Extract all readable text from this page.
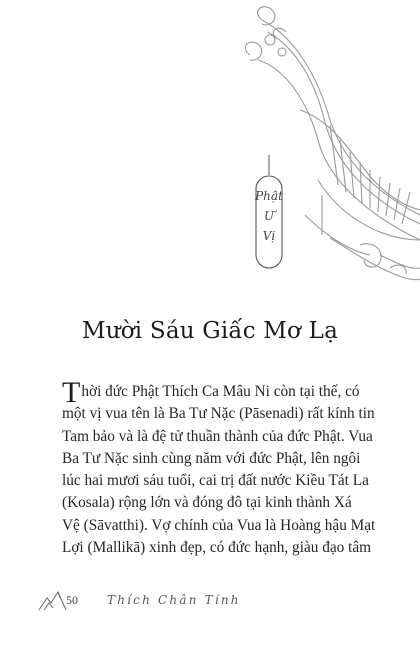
Phật
Ư
Vị
Mười Sáu Giấc Mơ Lạ

Thời đức Phật Thích Ca Mâu Ni còn tại thế, có
một vị vua tên là Ba Tư Nặc (Pāsenadi) rất kính tin
Tam bảo và là đệ tử thuần thành của đức Phật. Vua
Ba Tư Nặc sinh cùng năm với đức Phật, lên ngôi
lúc hai mươi sáu tuổi, cai trị đất nước Kiều Tát La
(Kosala) rộng lớn và đóng đô tại kinh thành Xá
Vệ (Sāvatthi). Vợ chính của Vua là Hoàng hậu Mạt
Lợi (Mallikā) xinh đẹp, có đức hạnh, giàu đạo tâm

50 Thích Chân Tính
